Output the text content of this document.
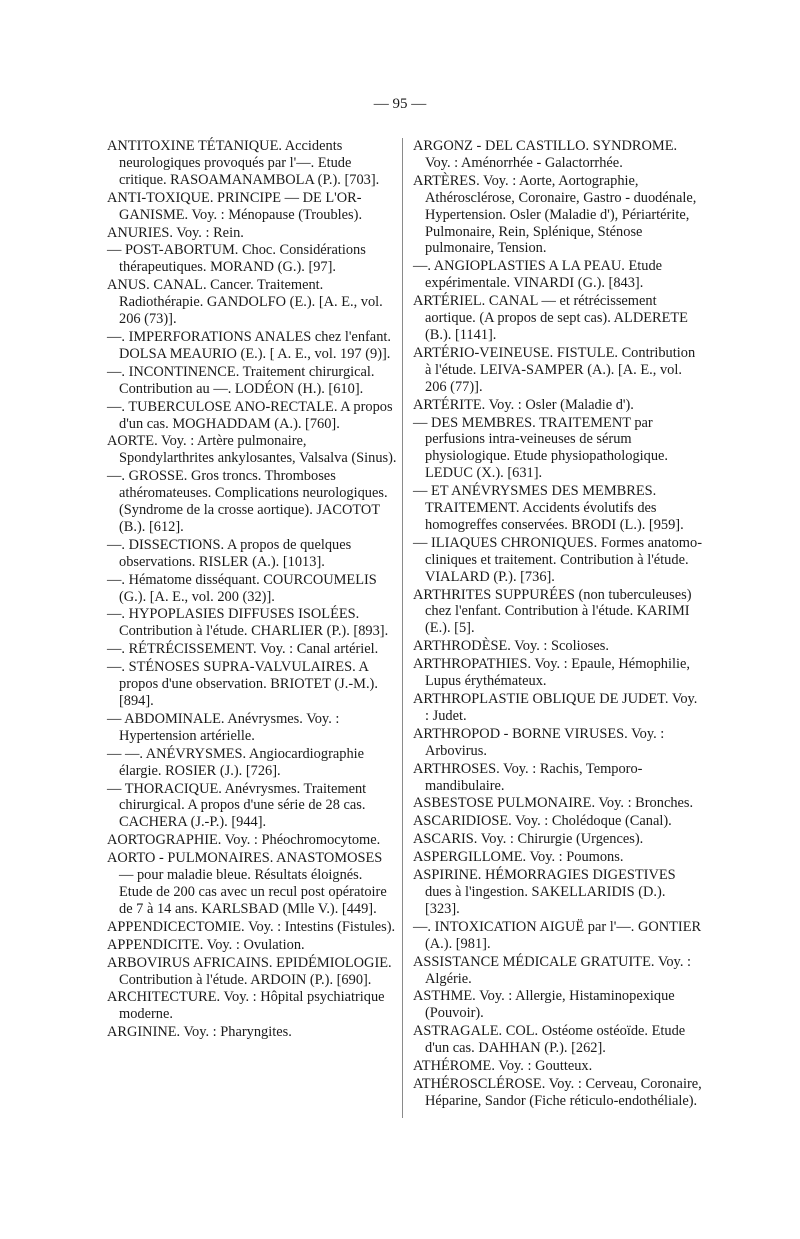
— 95 —

ANTITOXINE TÉTANIQUE. Accidents neurologiques provoqués par l'—. Etude critique. RASOAMANAMBOLA (P.). [703].

ANTI-TOXIQUE. PRINCIPE — DE L'OR-GANISME. Voy. : Ménopause (Troubles).

ANURIES. Voy. : Rein.

— POST-ABORTUM. Choc. Considérations thérapeutiques. MORAND (G.). [97].

ANUS. CANAL. Cancer. Traitement. Radiothérapie. GANDOLFO (E.). [A. E., vol. 206 (73)].

—. IMPERFORATIONS ANALES chez l'enfant. DOLSA MEAURIO (E.). [ A. E., vol. 197 (9)].

—. INCONTINENCE. Traitement chirurgical. Contribution au —. LODÉON (H.). [610].

—. TUBERCULOSE ANO-RECTALE. A propos d'un cas. MOGHADDAM (A.). [760].

AORTE. Voy. : Artère pulmonaire, Spondylarthrites ankylosantes, Valsalva (Sinus).

—. GROSSE. Gros troncs. Thromboses athéromateuses. Complications neurologiques. (Syndrome de la crosse aortique). JACOTOT (B.). [612].

—. DISSECTIONS. A propos de quelques observations. RISLER (A.). [1013].

—. Hématome disséquant. COURCOUMELIS (G.). [A. E., vol. 200 (32)].

—. HYPOPLASIES DIFFUSES ISOLÉES. Contribution à l'étude. CHARLIER (P.). [893].

—. RÉTRÉCISSEMENT. Voy. : Canal artériel.

—. STÉNOSES SUPRA-VALVULAIRES. A propos d'une observation. BRIOTET (J.-M.). [894].

— ABDOMINALE. Anévrysmes. Voy. : Hypertension artérielle.

— —. ANÉVRYSMES. Angiocardiographie élargie. ROSIER (J.). [726].

— THORACIQUE. Anévrysmes. Traitement chirurgical. A propos d'une série de 28 cas. CACHERA (J.-P.). [944].

AORTOGRAPHIE. Voy. : Phéochromocytome.

AORTO - PULMONAIRES. ANASTOMOSES — pour maladie bleue. Résultats éloignés. Etude de 200 cas avec un recul post opératoire de 7 à 14 ans. KARLSBAD (Mlle V.). [449].

APPENDICECTOMIE. Voy. : Intestins (Fistules).

APPENDICITE. Voy. : Ovulation.

ARBOVIRUS AFRICAINS. EPIDÉMIOLOGIE. Contribution à l'étude. ARDOIN (P.). [690].

ARCHITECTURE. Voy. : Hôpital psychiatrique moderne.

ARGININE. Voy. : Pharyngites.

ARGONZ - DEL CASTILLO. SYNDROME. Voy. : Aménorrhée - Galactorrhée.

ARTÈRES. Voy. : Aorte, Aortographie, Athérosclérose, Coronaire, Gastro - duodénale, Hypertension. Osler (Maladie d'), Périartérite, Pulmonaire, Rein, Splénique, Sténose pulmonaire, Tension.

—. ANGIOPLASTIES A LA PEAU. Etude expérimentale. VINARDI (G.). [843].

ARTÉRIEL. CANAL — et rétrécissement aortique. (A propos de sept cas). ALDERETE (B.). [1141].

ARTÉRIO-VEINEUSE. FISTULE. Contribution à l'étude. LEIVA-SAMPER (A.). [A. E., vol. 206 (77)].

ARTÉRITE. Voy. : Osler (Maladie d').

— DES MEMBRES. TRAITEMENT par perfusions intra-veineuses de sérum physiologique. Etude physiopathologique. LEDUC (X.). [631].

— ET ANÉVRYSMES DES MEMBRES. TRAITEMENT. Accidents évolutifs des homogreffes conservées. BRODI (L.). [959].

— ILIAQUES CHRONIQUES. Formes anatomo-cliniques et traitement. Contribution à l'étude. VIALARD (P.). [736].

ARTHRITES SUPPURÉES (non tuberculeuses) chez l'enfant. Contribution à l'étude. KARIMI (E.). [5].

ARTHRODÈSE. Voy. : Scolioses.

ARTHROPATHIES. Voy. : Epaule, Hémophilie, Lupus érythémateux.

ARTHROPLASTIE OBLIQUE DE JUDET. Voy. : Judet.

ARTHROPOD - BORNE VIRUSES. Voy. : Arbovirus.

ARTHROSES. Voy. : Rachis, Temporo-mandibulaire.

ASBESTOSE PULMONAIRE. Voy. : Bronches.

ASCARIDIOSE. Voy. : Cholédoque (Canal).

ASCARIS. Voy. : Chirurgie (Urgences).

ASPERGILLOME. Voy. : Poumons.

ASPIRINE. HÉMORRAGIES DIGESTIVES dues à l'ingestion. SAKELLARIDIS (D.). [323].

—. INTOXICATION AIGUË par l'—. GONTIER (A.). [981].

ASSISTANCE MÉDICALE GRATUITE. Voy. : Algérie.

ASTHME. Voy. : Allergie, Histaminopexique (Pouvoir).

ASTRAGALE. COL. Ostéome ostéoïde. Etude d'un cas. DAHHAN (P.). [262].

ATHÉROME. Voy. : Goutteux.

ATHÉROSCLÉROSE. Voy. : Cerveau, Coronaire, Héparine, Sandor (Fiche réticulo-endothéliale).
